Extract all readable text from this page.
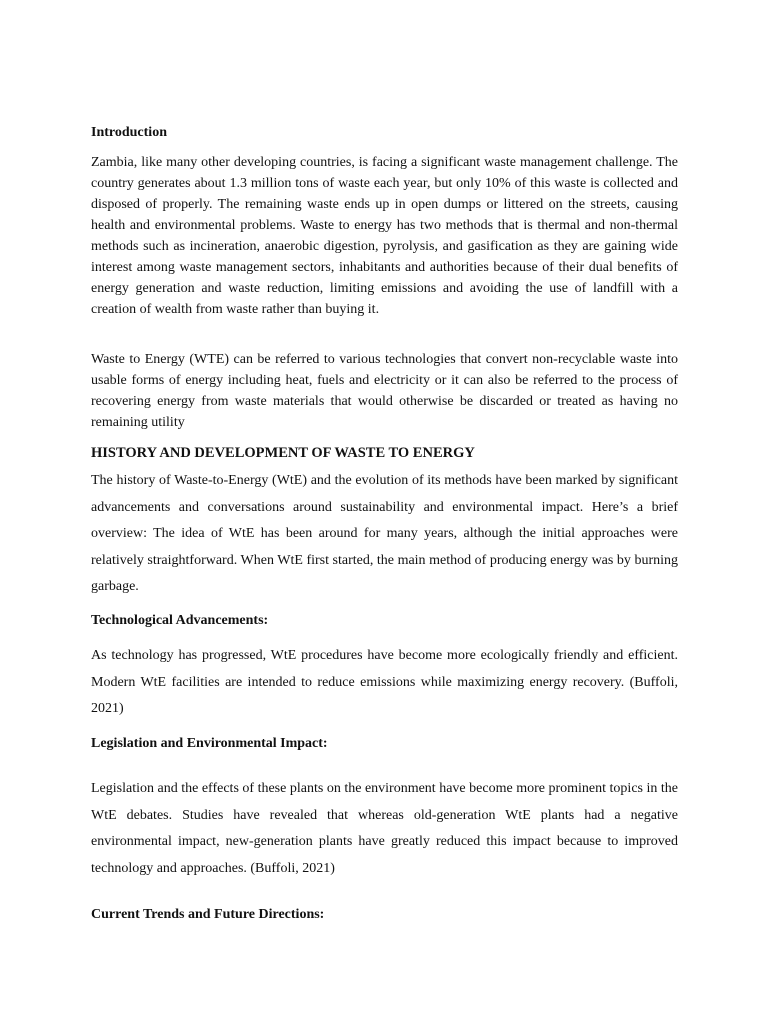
Introduction

Zambia, like many other developing countries, is facing a significant waste management challenge. The country generates about 1.3 million tons of waste each year, but only 10% of this waste is collected and disposed of properly. The remaining waste ends up in open dumps or littered on the streets, causing health and environmental problems. Waste to energy has two methods that is thermal and non-thermal methods such as incineration, anaerobic digestion, pyrolysis, and gasification as they are gaining wide interest among waste management sectors, inhabitants and authorities because of their dual benefits of energy generation and waste reduction, limiting emissions and avoiding the use of landfill with a creation of wealth from waste rather than buying it.

Waste to Energy (WTE) can be referred to various technologies that convert non-recyclable waste into usable forms of energy including heat, fuels and electricity or it can also be referred to the process of recovering energy from waste materials that would otherwise be discarded or treated as having no remaining utility

HISTORY AND DEVELOPMENT OF WASTE TO ENERGY

The history of Waste-to-Energy (WtE) and the evolution of its methods have been marked by significant advancements and conversations around sustainability and environmental impact. Here’s a brief overview: The idea of WtE has been around for many years, although the initial approaches were relatively straightforward. When WtE first started, the main method of producing energy was by burning garbage.

Technological Advancements:

As technology has progressed, WtE procedures have become more ecologically friendly and efficient. Modern WtE facilities are intended to reduce emissions while maximizing energy recovery. (Buffoli, 2021)

Legislation and Environmental Impact:

Legislation and the effects of these plants on the environment have become more prominent topics in the WtE debates. Studies have revealed that whereas old-generation WtE plants had a negative environmental impact, new-generation plants have greatly reduced this impact because to improved technology and approaches. (Buffoli, 2021)

Current Trends and Future Directions:
